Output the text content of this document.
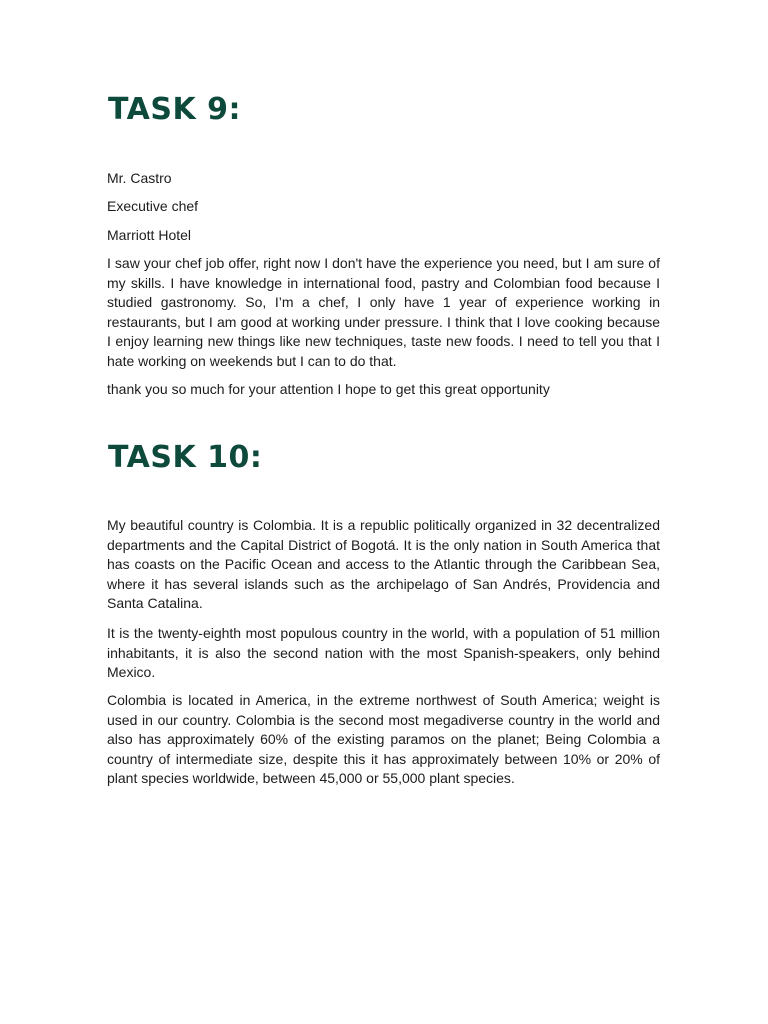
TASK 9:

Mr. Castro

Executive chef

Marriott Hotel

I saw your chef job offer, right now I don't have the experience you need, but I am sure of my skills. I have knowledge in international food, pastry and Colombian food because I studied gastronomy. So, I’m a chef, I only have 1 year of experience working in restaurants, but I am good at working under pressure. I think that I love cooking because I enjoy learning new things like new techniques, taste new foods. I need to tell you that I hate working on weekends but I can to do that.

thank you so much for your attention I hope to get this great opportunity

TASK 10:

My beautiful country is Colombia. It is a republic politically organized in 32 decentralized departments and the Capital District of Bogotá. It is the only nation in South America that has coasts on the Pacific Ocean and access to the Atlantic through the Caribbean Sea, where it has several islands such as the archipelago of San Andrés, Providencia and Santa Catalina.

It is the twenty-eighth most populous country in the world, with a population of 51 million inhabitants, it is also the second nation with the most Spanish-speakers, only behind Mexico.

Colombia is located in America, in the extreme northwest of South America; weight is used in our country. Colombia is the second most megadiverse country in the world and also has approximately 60% of the existing paramos on the planet; Being Colombia a country of intermediate size, despite this it has approximately between 10% or 20% of plant species worldwide, between 45,000 or 55,000 plant species.
